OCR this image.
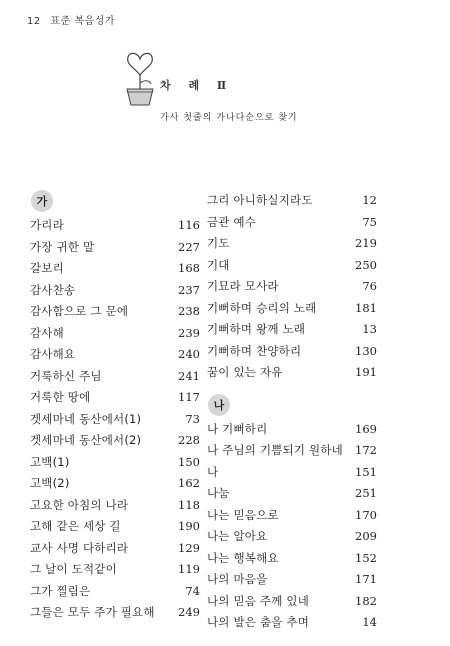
12 표준 복음성가
차 례 Ⅱ
가사 첫줄의 가나다순으로 찾기
가
가리라	116
가장 귀한 말	227
갈보리	168
감사찬송	237
감사함으로 그 문에	238
감사해	239
감사해요	240
거룩하신 주님	241
거룩한 땅에	117
겟세마네 동산에서(1)	73
겟세마네 동산에서(2)	228
고백(1)	150
고백(2)	162
고요한 아침의 나라	118
고해 같은 세상 길	190
교사 사명 다하리라	129
그 날이 도적같이	119
그가 찔림은	74
그들은 모두 주가 필요해 249
그리 아니하실지라도	12
금관 예수	75
기도	219
기대	250
기묘라 모사라	76
기뻐하며 승리의 노래	181
기뻐하며 왕께 노래	13
기뻐하며 찬양하리	130
꿈이 있는 자유	191
나
나 기뻐하리	169
나 주님의 기쁨되기 원하네 172
나	151
나눔	251
나는 믿음으로	170
나는 알아요	209
나는 행복해요	152
나의 마음을	171
나의 믿음 주께 있네	182
나의 발은 춤을 추며	14
